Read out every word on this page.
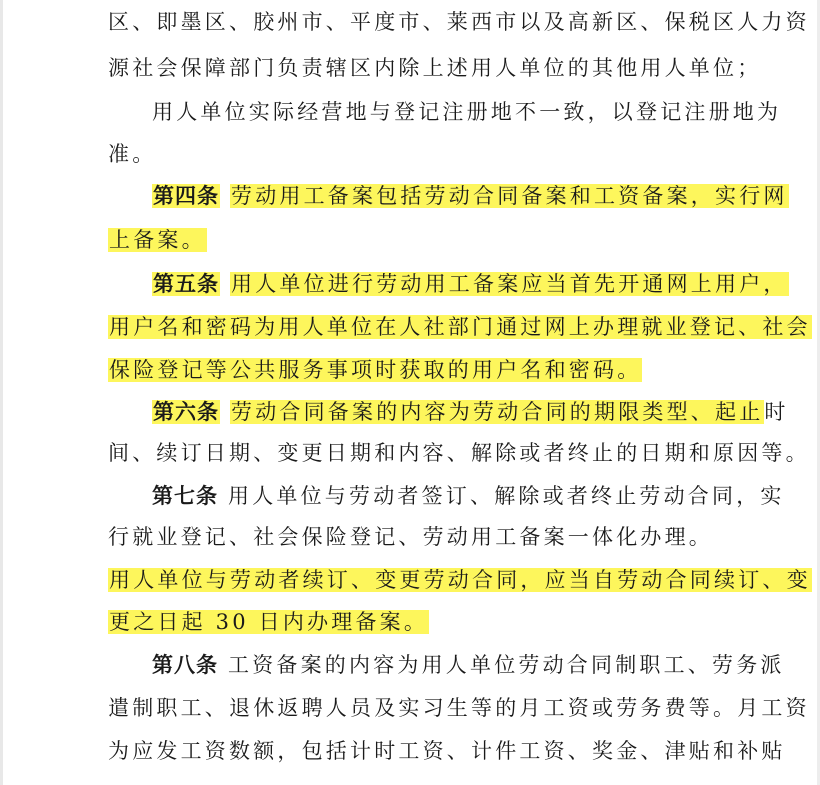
区、即墨区、胶州市、平度市、莱西市以及高新区、保税区人力资
源社会保障部门负责辖区内除上述用人单位的其他用人单位；
用人单位实际经营地与登记注册地不一致，以登记注册地为
准。
第四条 劳动用工备案包括劳动合同备案和工资备案，实行网
上备案。
第五条 用人单位进行劳动用工备案应当首先开通网上用户，
用户名和密码为用人单位在人社部门通过网上办理就业登记、社会
保险登记等公共服务事项时获取的用户名和密码。
第六条 劳动合同备案的内容为劳动合同的期限类型、起止时
间、续订日期、变更日期和内容、解除或者终止的日期和原因等。
第七条 用人单位与劳动者签订、解除或者终止劳动合同，实
行就业登记、社会保险登记、劳动用工备案一体化办理。
用人单位与劳动者续订、变更劳动合同，应当自劳动合同续订、变
更之日起 30 日内办理备案。
第八条 工资备案的内容为用人单位劳动合同制职工、劳务派
遣制职工、退休返聘人员及实习生等的月工资或劳务费等。月工资
为应发工资数额，包括计时工资、计件工资、奖金、津贴和补贴
